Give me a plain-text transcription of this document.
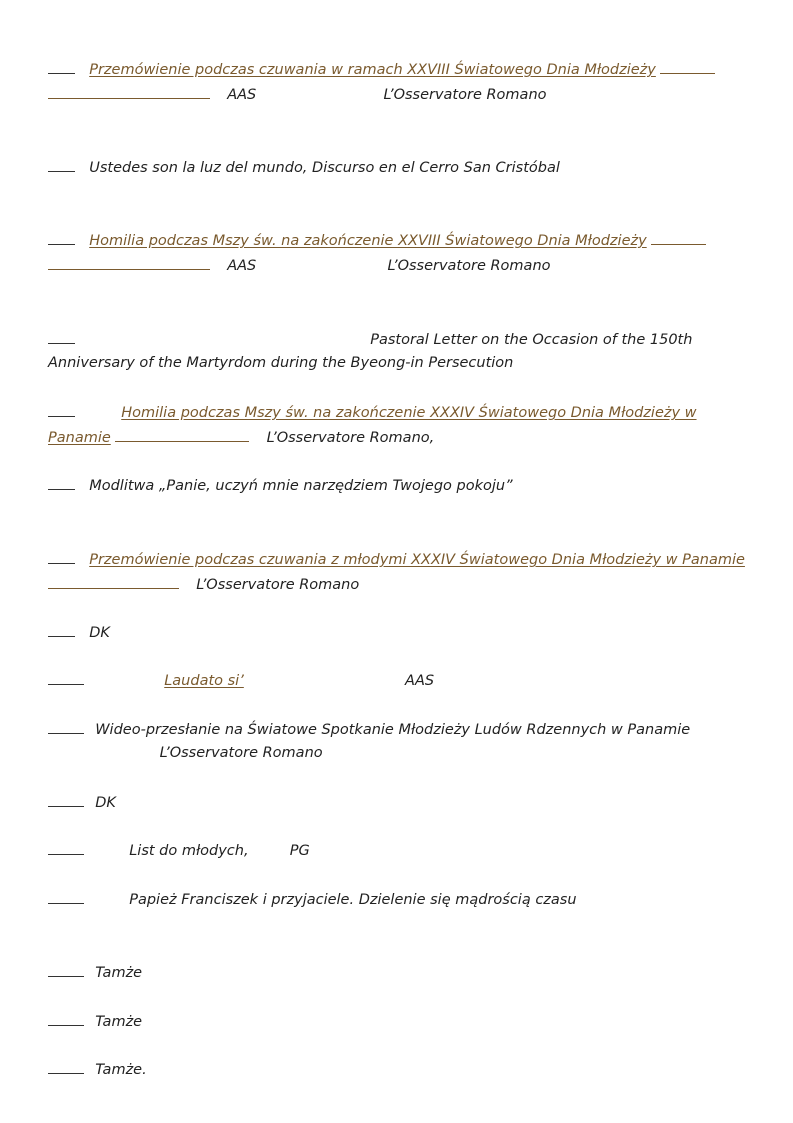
Przemówienie podczas czuwania w ramach XXVIII Światowego Dnia Młodzieży
AAS	L’Osservatore Romano
Ustedes son la luz del mundo, Discurso en el Cerro San Cristóbal
Homilia podczas Mszy św. na zakończenie XXVIII Światowego Dnia Młodzieży
AAS	L’Osservatore Romano
Pastoral Letter on the Occasion of the 150th
Anniversary of the Martyrdom during the Byeong-in Persecution
Homilia podczas Mszy św. na zakończenie XXXIV Światowego Dnia Młodzieży w
Panamie	L’Osservatore Romano,
Modlitwa „Panie, uczyń mnie narzędziem Twojego pokoju”
Przemówienie podczas czuwania z młodymi XXXIV Światowego Dnia Młodzieży w Panamie
L’Osservatore Romano
DK
Laudato si’	AAS
Wideo-przesłanie na Światowe Spotkanie Młodzieży Ludów Rdzennych w Panamie
L’Osservatore Romano
DK
List do młodych,	PG
Papież Franciszek i przyjaciele. Dzielenie się mądrością czasu
Tamże
Tamże
Tamże.
